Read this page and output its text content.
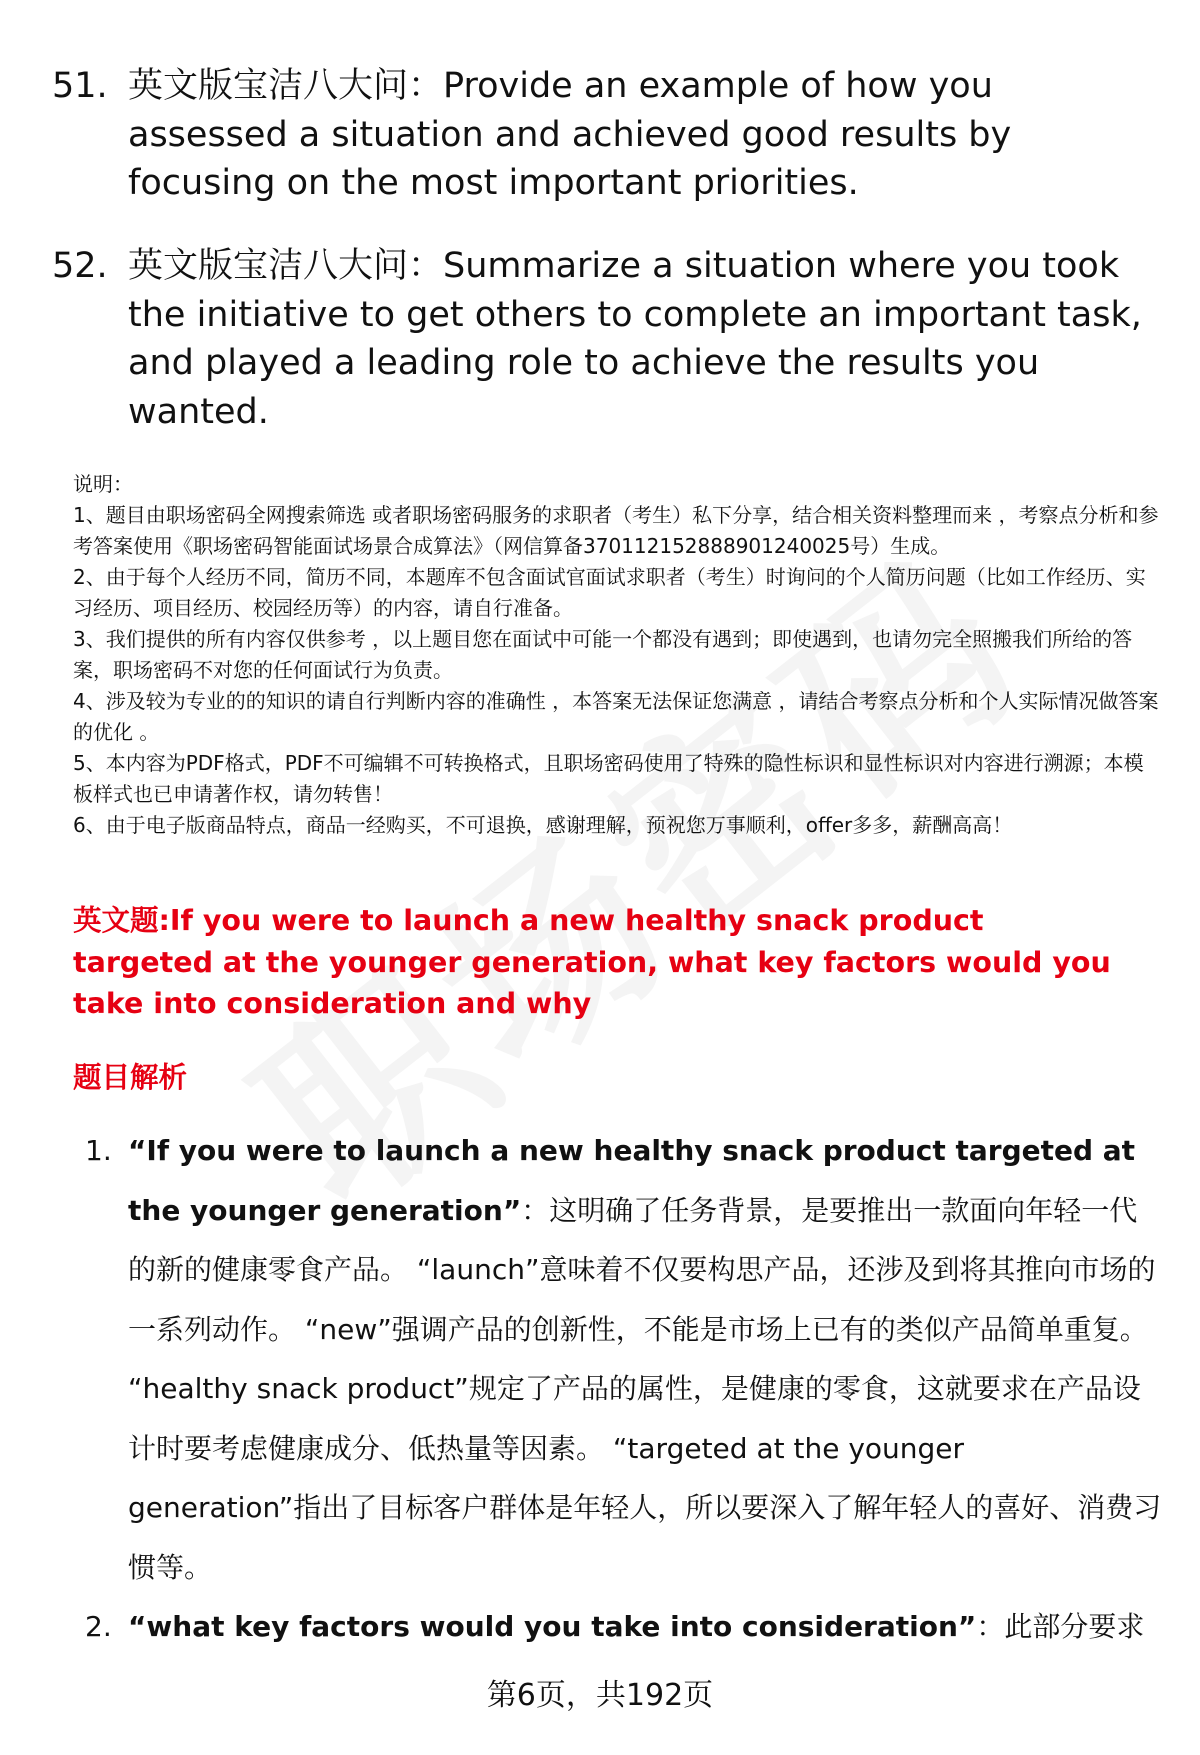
51. 英文版宝洁八大问：Provide an example of how you assessed a situation and achieved good results by focusing on the most important priorities.
52. 英文版宝洁八大问：Summarize a situation where you took the initiative to get others to complete an important task, and played a leading role to achieve the results you wanted.

说明：

1、题目由职场密码全网搜索筛选 或者职场密码服务的求职者（考生）私下分享，结合相关资料整理而来 ，考察点分析和参考答案使用《职场密码智能面试场景合成算法》（网信算备370112152888901240025号）生成。

2、由于每个人经历不同，简历不同，本题库不包含面试官面试求职者（考生）时询问的个人简历问题（比如工作经历、实习经历、项目经历、校园经历等）的内容，请自行准备。

3、我们提供的所有内容仅供参考 ，以上题目您在面试中可能一个都没有遇到；即使遇到，也请勿完全照搬我们所给的答案，职场密码不对您的任何面试行为负责。

4、涉及较为专业的的知识的请自行判断内容的准确性 ，本答案无法保证您满意 ，请结合考察点分析和个人实际情况做答案的优化 。

5、本内容为PDF格式，PDF不可编辑不可转换格式，且职场密码使用了特殊的隐性标识和显性标识对内容进行溯源；本模板样式也已申请著作权，请勿转售！

6、由于电子版商品特点，商品一经购买，不可退换，感谢理解，预祝您万事顺利，offer多多，薪酬高高！

英文题:If you were to launch a new healthy snack product targeted at the younger generation, what key factors would you take into consideration and why
题目解析
1. “If you were to launch a new healthy snack product targeted at the younger generation”：这明确了任务背景，是要推出一款面向年轻一代的新的健康零食产品。 “launch”意味着不仅要构思产品，还涉及到将其推向市场的一系列动作。 “new”强调产品的创新性，不能是市场上已有的类似产品简单重复。 “healthy snack product”规定了产品的属性，是健康的零食，这就要求在产品设计时要考虑健康成分、低热量等因素。 “targeted at the younger generation”指出了目标客户群体是年轻人，所以要深入了解年轻人的喜好、消费习惯等。
2. “what key factors would you take into consideration”：此部分要求
第6页，共192页
